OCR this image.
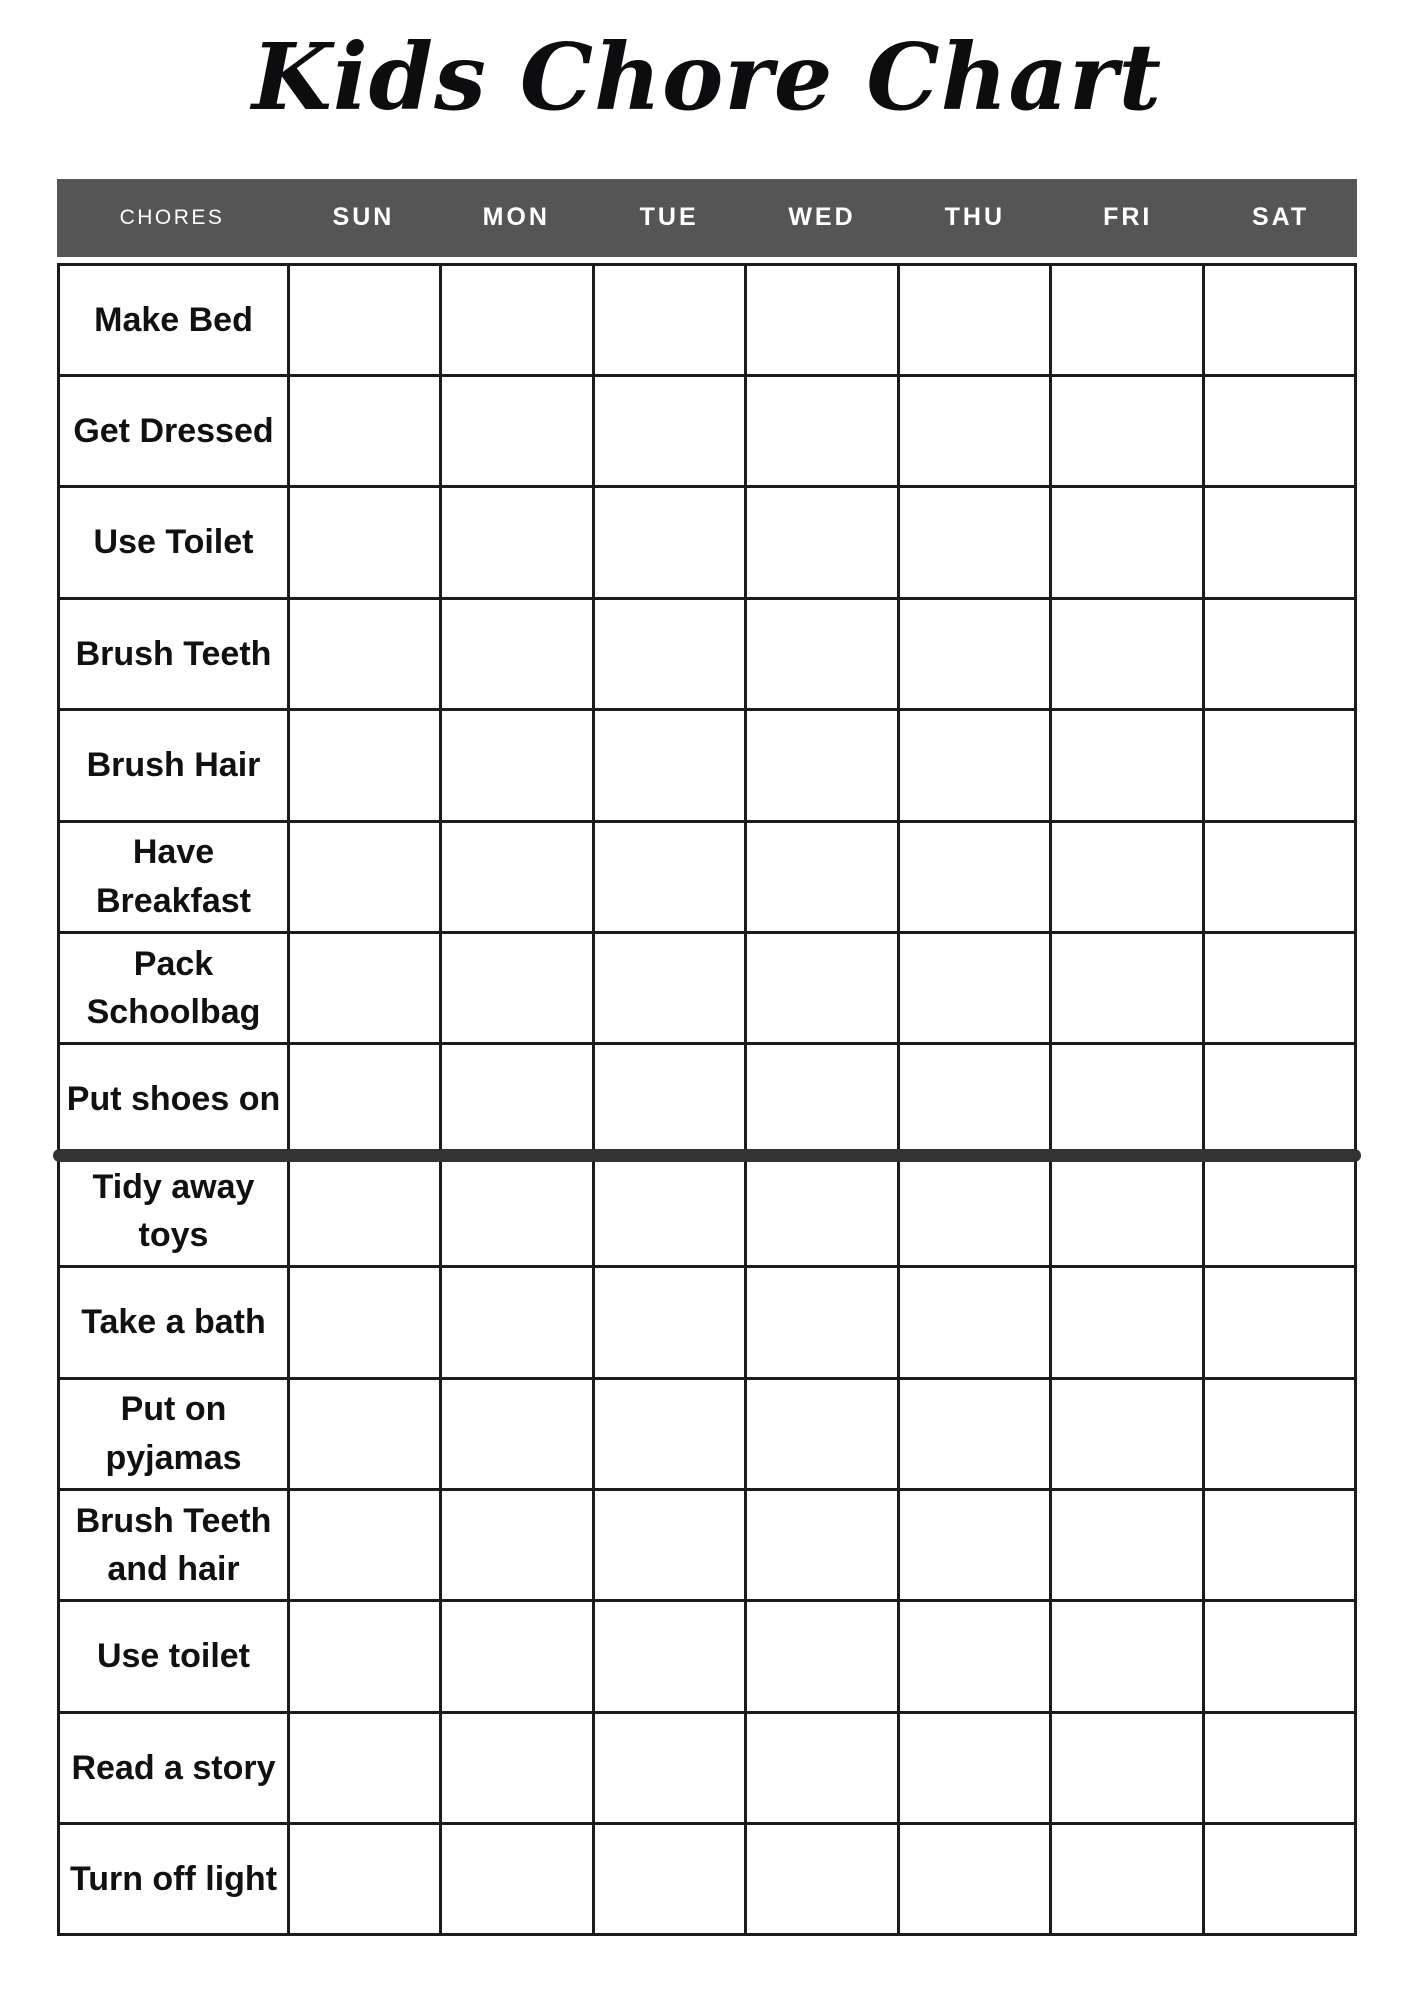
Kids Chore Chart
CHORES	SUN	MON	TUE	WED	THU	FRI	SAT
Make Bed
Get Dressed
Use Toilet
Brush Teeth
Brush Hair
Have Breakfast
Pack Schoolbag
Put shoes on
Tidy away toys
Take a bath
Put on pyjamas
Brush Teeth and hair
Use toilet
Read a story
Turn off light
